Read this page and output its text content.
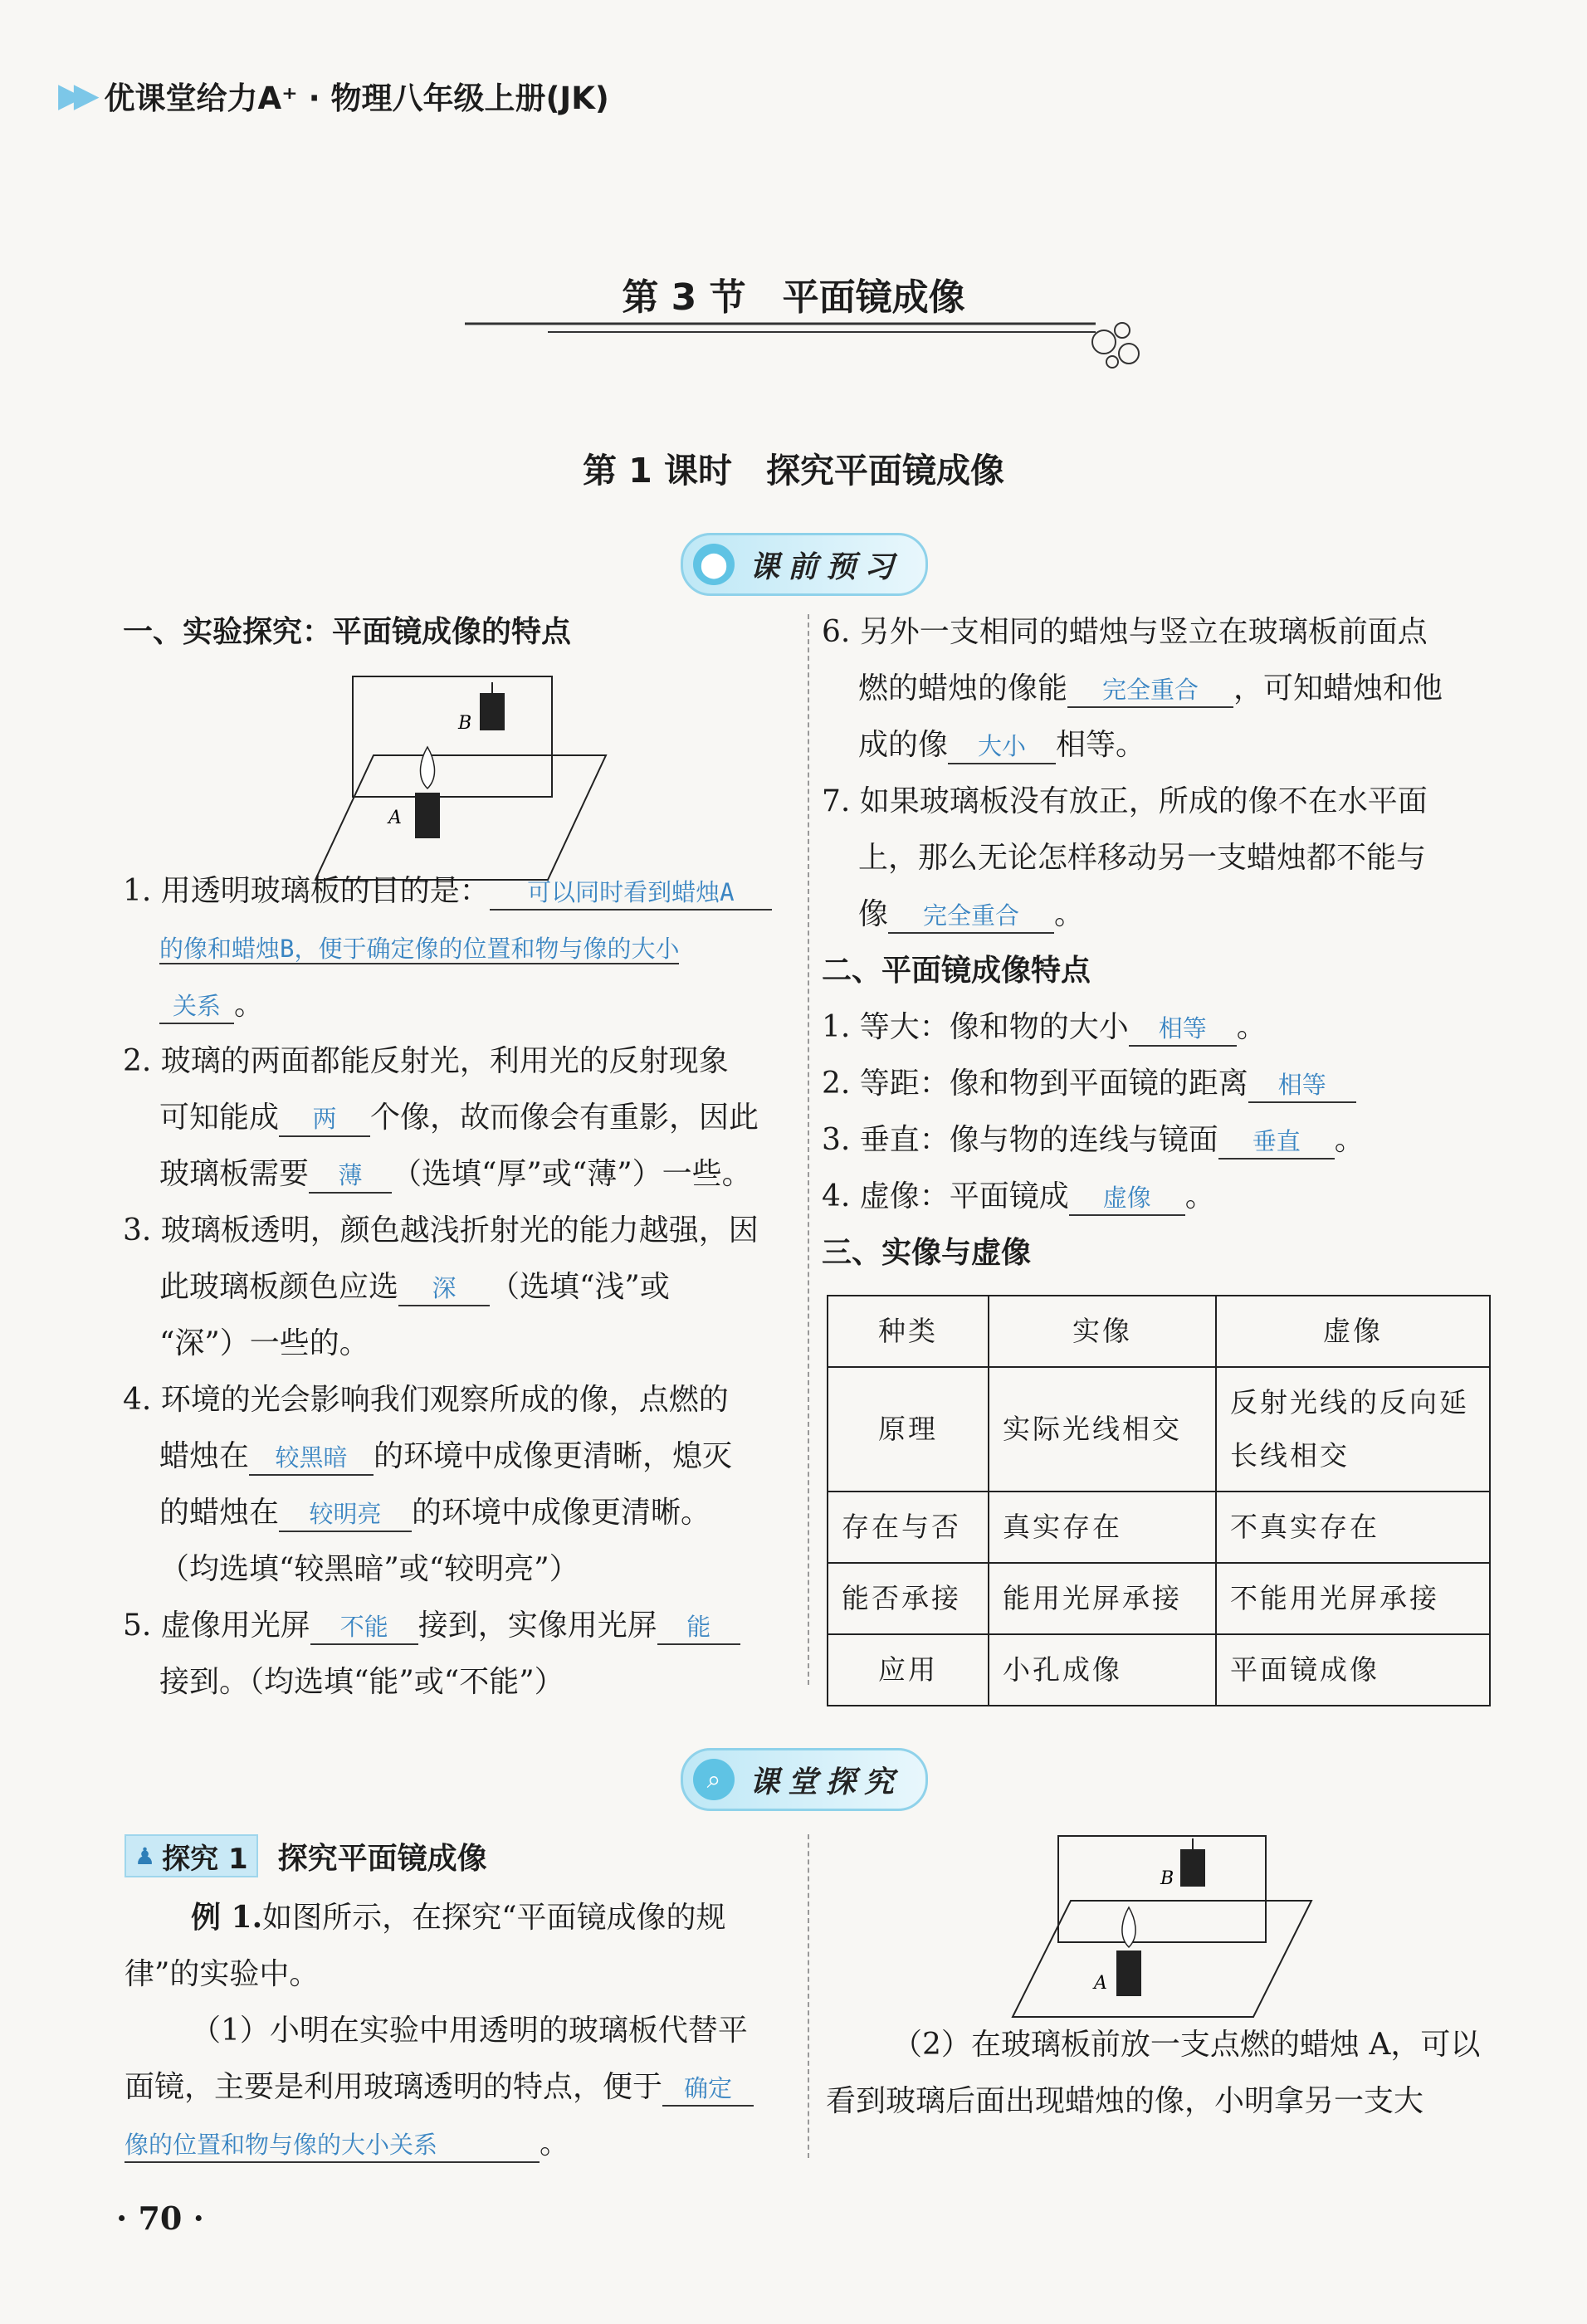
▶▶ 优课堂给力A⁺ · 物理八年级上册(JK)
第 3 节　平面镜成像
第 1 课时　探究平面镜成像
⬤ 课前预习
一、实验探究：平面镜成像的特点
B
A
1. 用透明玻璃板的目的是： 可以同时看到蜡烛A 的像和蜡烛B，便于确定像的位置和物与像的大小
关系 。
2. 玻璃的两面都能反射光，利用光的反射现象
可知能成 两 个像，故而像会有重影，因此
玻璃板需要 薄 （选填“厚”或“薄”）一些。
3. 玻璃板透明，颜色越浅折射光的能力越强，因
此玻璃板颜色应选 深 （选填“浅”或
“深”）一些的。
4. 环境的光会影响我们观察所成的像，点燃的
蜡烛在 较黑暗 的环境中成像更清晰，熄灭
的蜡烛在 较明亮 的环境中成像更清晰。
（均选填“较黑暗”或“较明亮”）
5. 虚像用光屏 不能 接到，实像用光屏 能
接到。（均选填“能”或“不能”）
6. 另外一支相同的蜡烛与竖立在玻璃板前面点
燃的蜡烛的像能 完全重合 ，可知蜡烛和他
成的像 大小 相等。
7. 如果玻璃板没有放正，所成的像不在水平面
上，那么无论怎样移动另一支蜡烛都不能与
像 完全重合 。
二、平面镜成像特点
1. 等大：像和物的大小 相等 。
2. 等距：像和物到平面镜的距离 相等
3. 垂直：像与物的连线与镜面 垂直 。
4. 虚像：平面镜成 虚像 。
三、实像与虚像
种类	实像	虚像
原理	实际光线相交	反射光线的反向延长线相交
存在与否	真实存在	不真实存在
能否承接	能用光屏承接	不能用光屏承接
应用	小孔成像	平面镜成像
⌕ 课堂探究
♟ 探究 1 探究平面镜成像
例 1.如图所示，在探究“平面镜成像的规
律”的实验中。
（1）小明在实验中用透明的玻璃板代替平
面镜，主要是利用玻璃透明的特点，便于 确定
像的位置和物与像的大小关系	。
B
A
（2）在玻璃板前放一支点燃的蜡烛 A，可以
看到玻璃后面出现蜡烛的像，小明拿另一支大
· 70 ·
